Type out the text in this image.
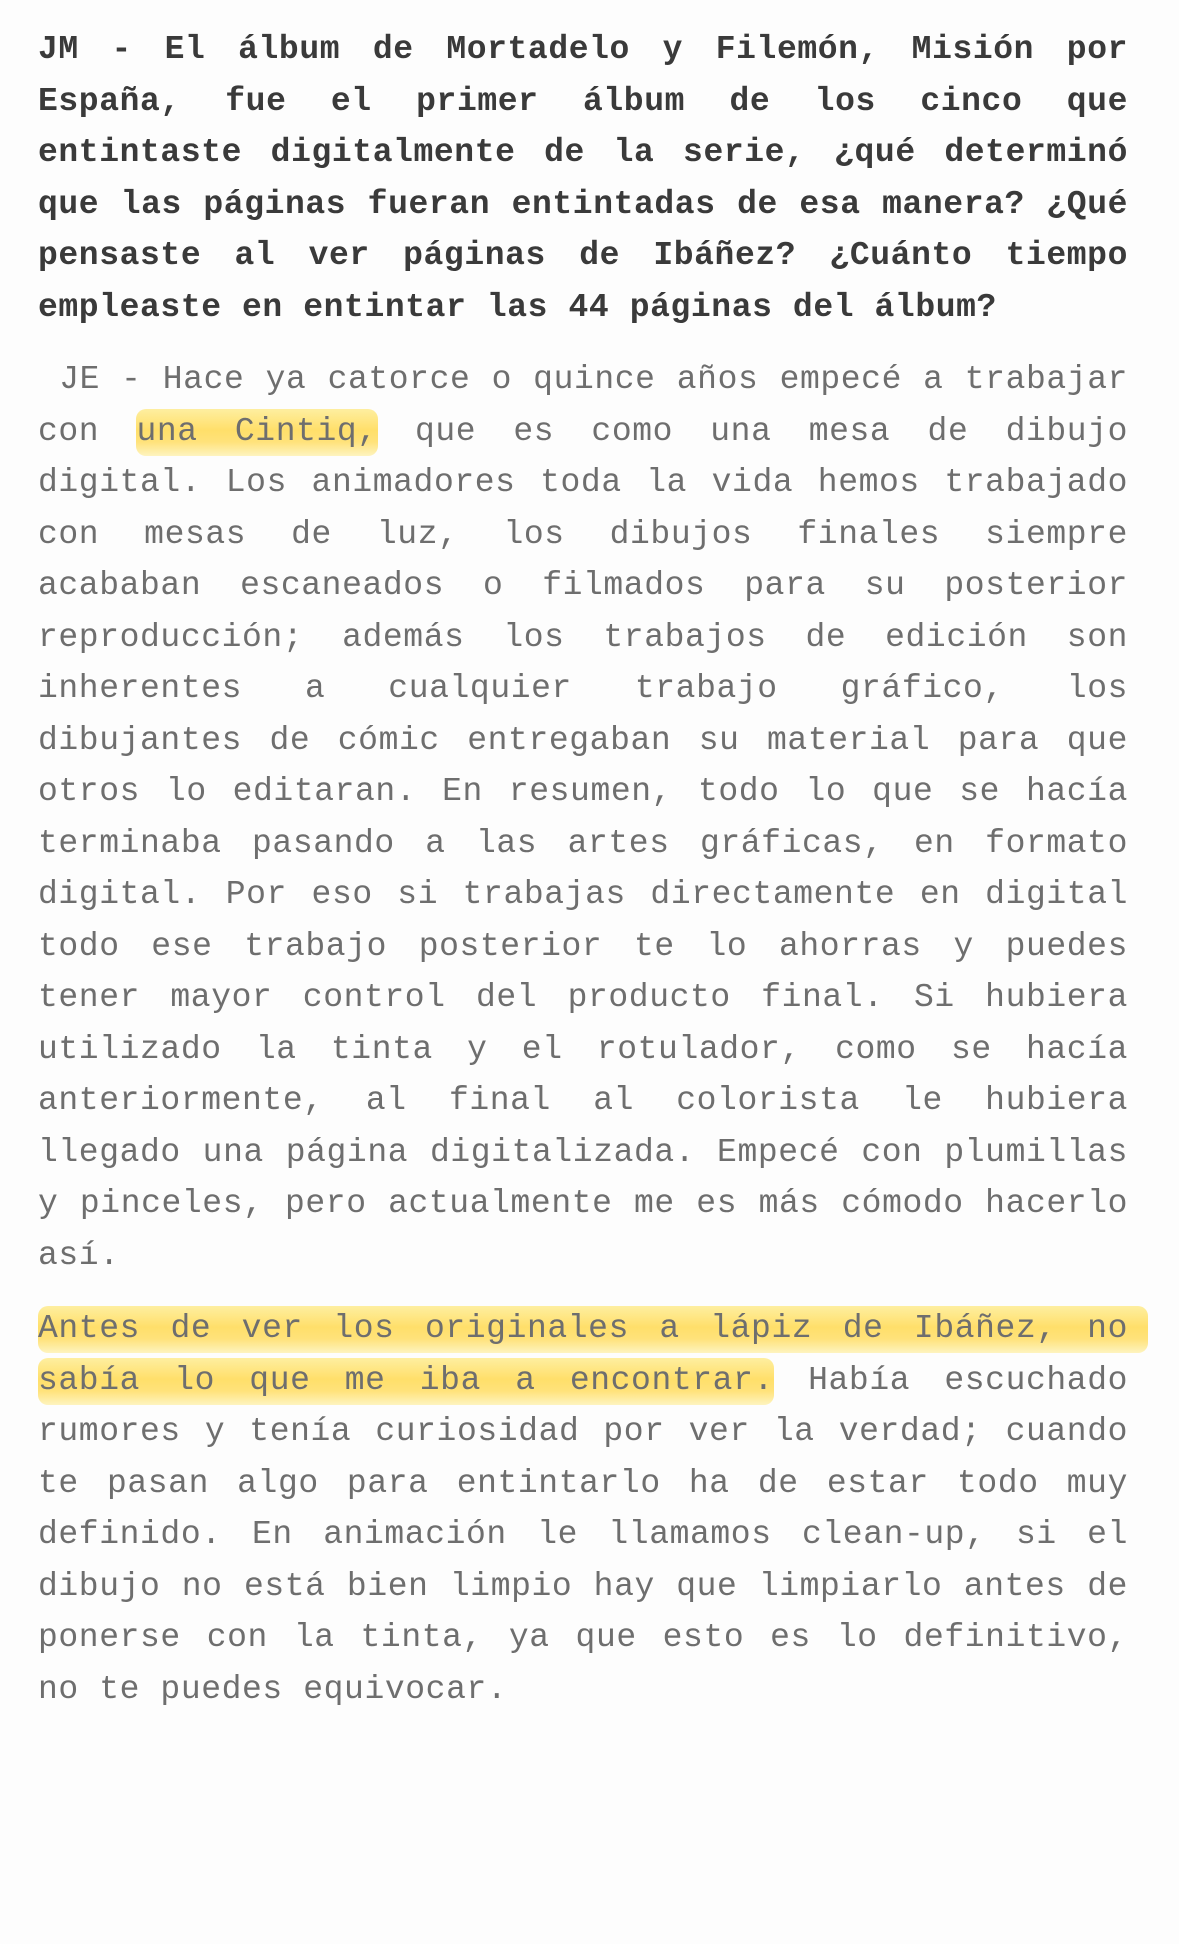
JM - El álbum de Mortadelo y Filemón, Misión por España, fue el primer álbum de los cinco que entintaste digitalmente de la serie, ¿qué determinó que las páginas fueran entintadas de esa manera? ¿Qué pensaste al ver páginas de Ibáñez? ¿Cuánto tiempo empleaste en entintar las 44 páginas del álbum?

JE - Hace ya catorce o quince años empecé a trabajar con una Cintiq, que es como una mesa de dibujo digital. Los animadores toda la vida hemos trabajado con mesas de luz, los dibujos finales siempre acababan escaneados o filmados para su posterior reproducción; además los trabajos de edición son inherentes a cualquier trabajo gráfico, los dibujantes de cómic entregaban su material para que otros lo editaran. En resumen, todo lo que se hacía terminaba pasando a las artes gráficas, en formato digital. Por eso si trabajas directamente en digital todo ese trabajo posterior te lo ahorras y puedes tener mayor control del producto final. Si hubiera utilizado la tinta y el rotulador, como se hacía anteriormente, al final al colorista le hubiera llegado una página digitalizada. Empecé con plumillas y pinceles, pero actualmente me es más cómodo hacerlo así.

Antes de ver los originales a lápiz de Ibáñez, no sabía lo que me iba a encontrar. Había escuchado rumores y tenía curiosidad por ver la verdad; cuando te pasan algo para entintarlo ha de estar todo muy definido. En animación le llamamos clean-up, si el dibujo no está bien limpio hay que limpiarlo antes de ponerse con la tinta, ya que esto es lo definitivo, no te puedes equivocar.
